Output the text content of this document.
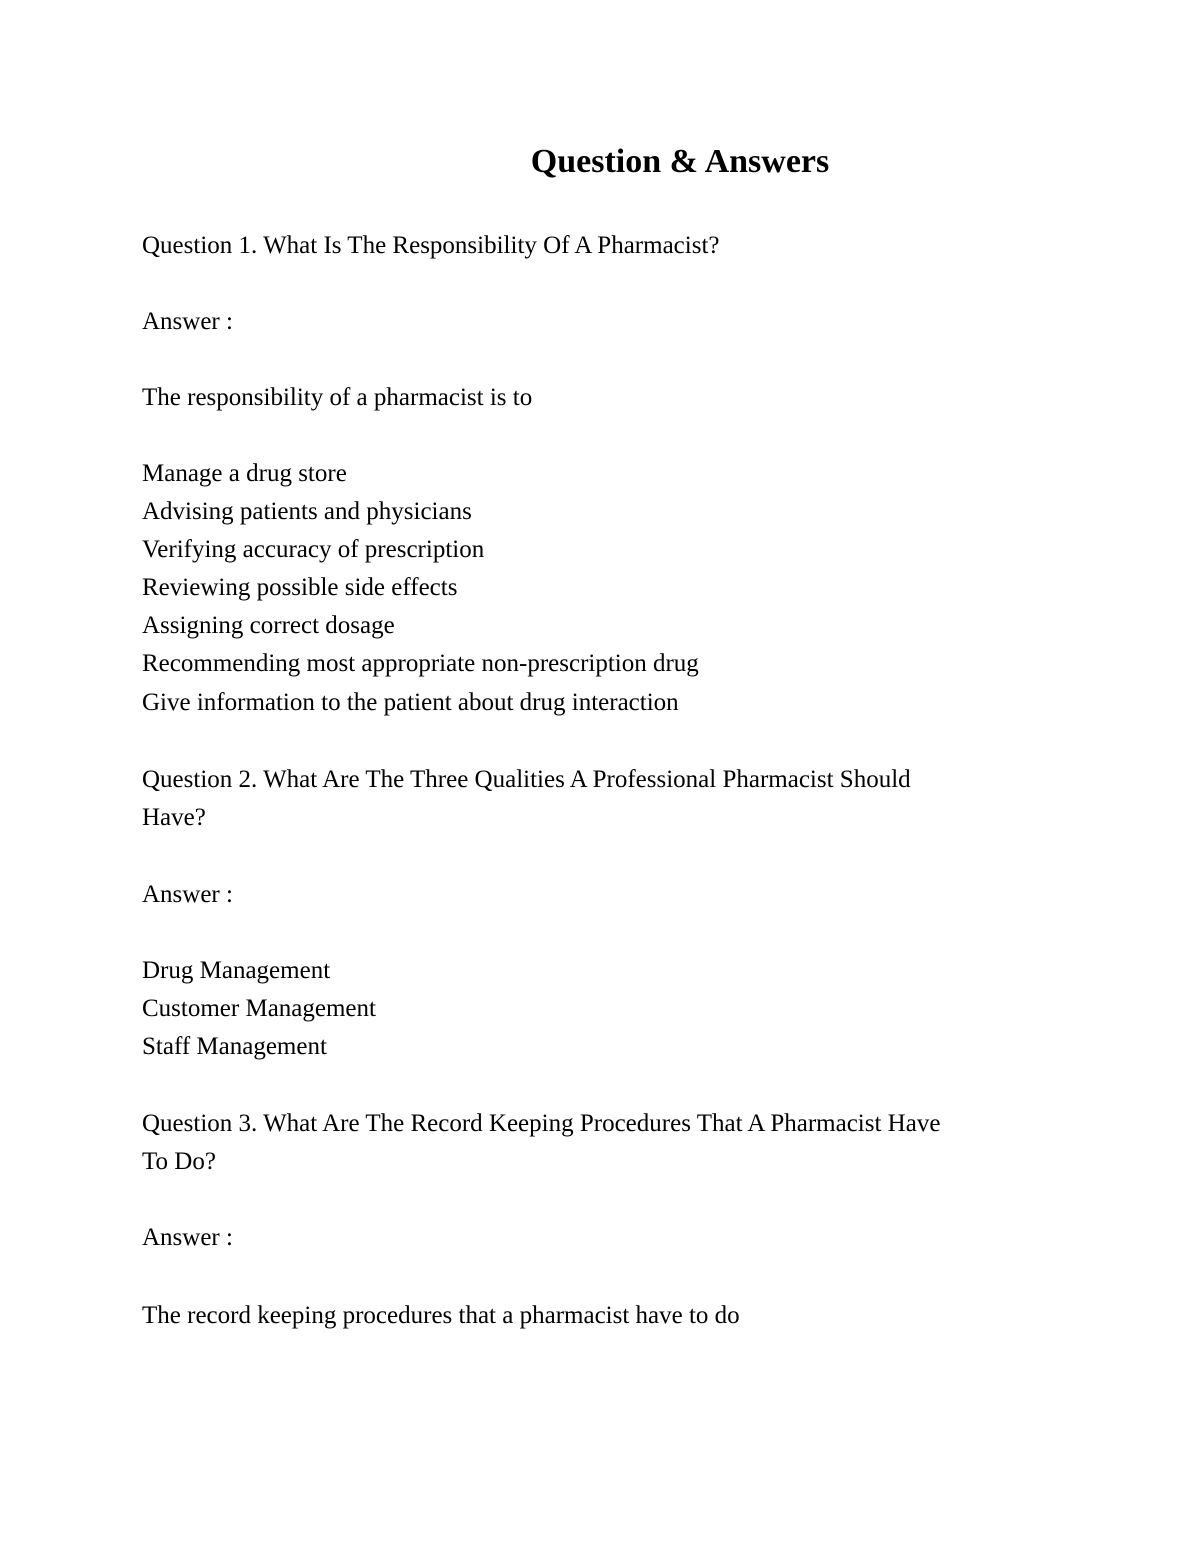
Question & Answers
Question 1. What Is The Responsibility Of A Pharmacist?
Answer :
The responsibility of a pharmacist is to
Manage a drug store
Advising patients and physicians
Verifying accuracy of prescription
Reviewing possible side effects
Assigning correct dosage
Recommending most appropriate non-prescription drug
Give information to the patient about drug interaction
Question 2. What Are The Three Qualities A Professional Pharmacist Should
Have?
Answer :
Drug Management
Customer Management
Staff Management
Question 3. What Are The Record Keeping Procedures That A Pharmacist Have
To Do?
Answer :
The record keeping procedures that a pharmacist have to do
